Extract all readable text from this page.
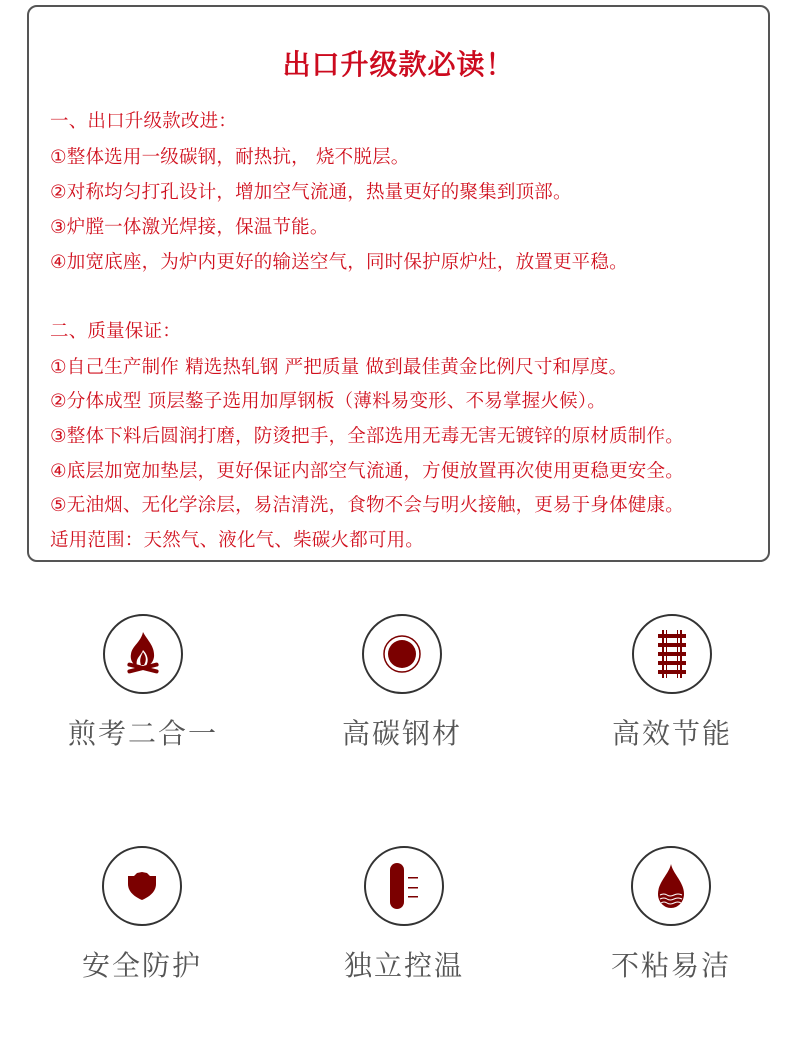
出口升级款必读！
一、出口升级款改进：
①整体选用一级碳钢，耐热抗， 烧不脱层。
②对称均匀打孔设计，增加空气流通，热量更好的聚集到顶部。
③炉膛一体激光焊接，保温节能。
④加宽底座，为炉内更好的输送空气，同时保护原炉灶，放置更平稳。
二、质量保证：
①自己生产制作 精选热轧钢 严把质量 做到最佳黄金比例尺寸和厚度。
②分体成型 顶层鏊子选用加厚钢板（薄料易变形、不易掌握火候）。
③整体下料后圆润打磨，防烫把手，全部选用无毒无害无镀锌的原材质制作。
④底层加宽加垫层，更好保证内部空气流通，方便放置再次使用更稳更安全。
⑤无油烟、无化学涂层，易洁清洗，食物不会与明火接触，更易于身体健康。
适用范围：天然气、液化气、柴碳火都可用。
煎考二合一	高碳钢材	高效节能
安全防护	独立控温	不粘易洁
